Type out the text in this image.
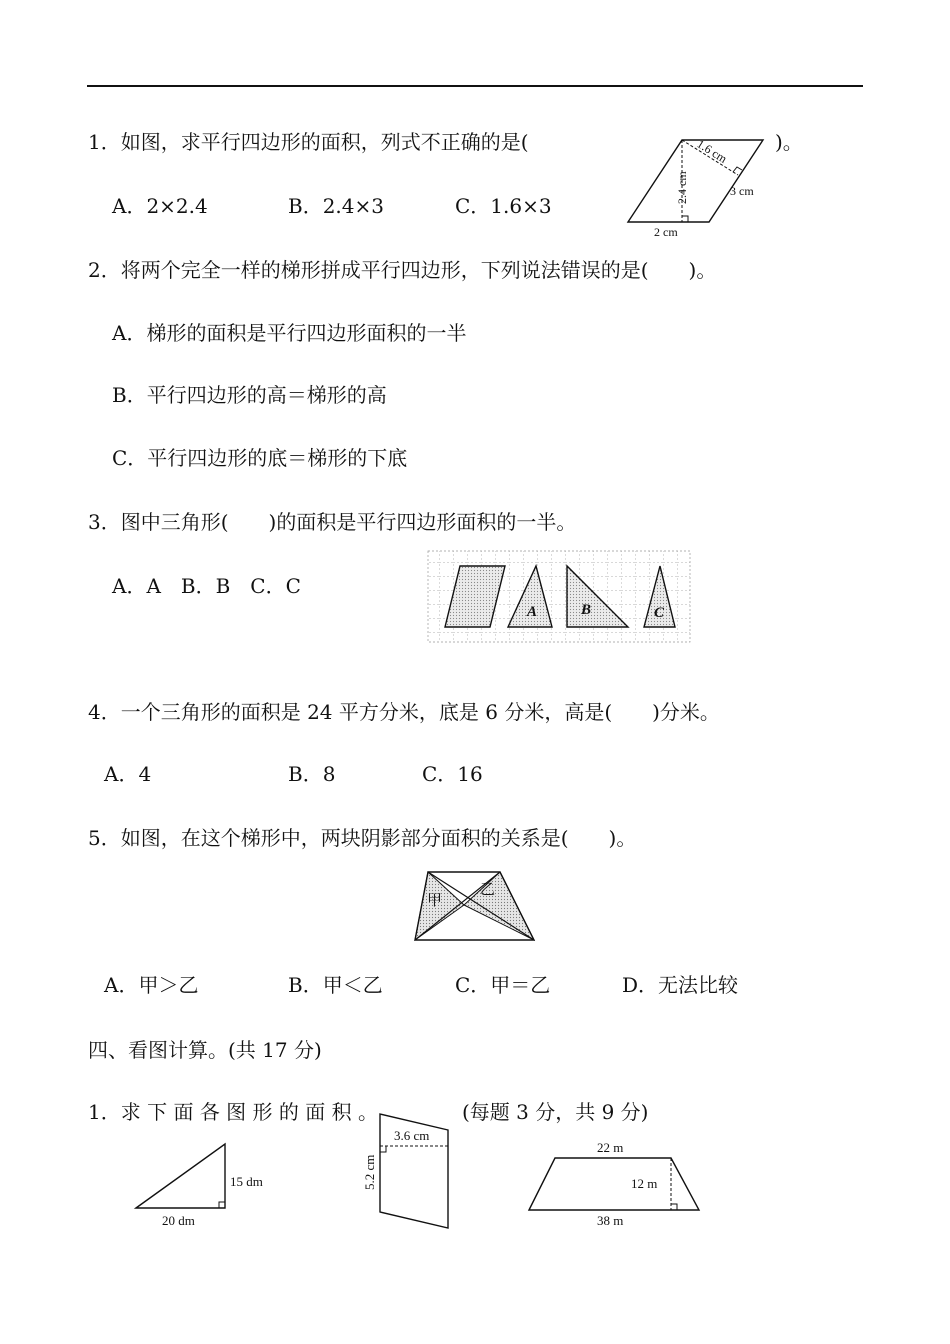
1．如图，求平行四边形的面积，列式不正确的是(	)。
A．2×2.4	B．2.4×3	C．1.6×3
1.6 cm
2.4 cm	3 cm
2 cm
2．将两个完全一样的梯形拼成平行四边形，下列说法错误的是(　　)。
A．梯形的面积是平行四边形面积的一半
B．平行四边形的高＝梯形的高
C．平行四边形的底＝梯形的下底
3．图中三角形(　　)的面积是平行四边形面积的一半。
A．A　B．B　C．C
A	B	C
4．一个三角形的面积是 24 平方分米，底是 6 分米，高是(　　)分米。
A．4	B．8	C．16
5．如图，在这个梯形中，两块阴影部分面积的关系是(　　)。
甲
乙
A．甲＞乙	B．甲＜乙	C．甲＝乙	D．无法比较
四、看图计算。(共 17 分)
1．求 下 面 各 图 形 的 面 积 。	(每题 3 分，共 9 分)
15 dm
20 dm
5.2 cm
3.6 cm
22 m
12 m
38 m
